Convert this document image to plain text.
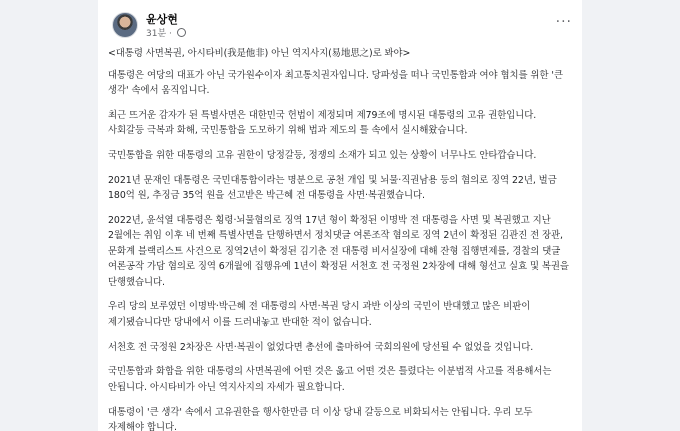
윤상현
31분 ·
···

<대통령 사면복권, 아시타비(我是他非) 아닌 역지사지(易地思之)로 봐야>

대통령은 여당의 대표가 아닌 국가원수이자 최고통치권자입니다. 당파성을 떠나 국민통합과 여야 협치를 위한 '큰 생각' 속에서 움직입니다.

최근 뜨거운 감자가 된 특별사면은 대한민국 헌법이 제정되며 제79조에 명시된 대통령의 고유 권한입니다. 사회갈등 극복과 화해, 국민통합을 도모하기 위해 법과 제도의 틀 속에서 실시해왔습니다.

국민통합을 위한 대통령의 고유 권한이 당정갈등, 정쟁의 소재가 되고 있는 상황이 너무나도 안타깝습니다.

2021년 문재인 대통령은 국민대통합이라는 명분으로 공천 개입 및 뇌물·직권남용 등의 혐의로 징역 22년, 벌금 180억 원, 추징금 35억 원을 선고받은 박근혜 전 대통령을 사면·복권했습니다.

2022년, 윤석열 대통령은 횡령·뇌물혐의로 징역 17년 형이 확정된 이명박 전 대통령을 사면 및 복권했고 지난 2월에는 취임 이후 네 번째 특별사면을 단행하면서 정치댓글 여론조작 혐의로 징역 2년이 확정된 김관진 전 장관, 문화계 블랙리스트 사건으로 징역2년이 확정된 김기춘 전 대통령 비서실장에 대해 잔형 집행면제를, 경찰의 댓글 여론공작 가담 혐의로 징역 6개월에 집행유예 1년이 확정된 서천호 전 국정원 2차장에 대해 형선고 실효 및 복권을 단행했습니다.

우리 당의 보루였던 이명박·박근혜 전 대통령의 사면·복권 당시 과반 이상의 국민이 반대했고 많은 비판이 제기됐습니다만 당내에서 이를 드러내놓고 반대한 적이 없습니다.

서천호 전 국정원 2차장은 사면·복권이 없었다면 총선에 출마하여 국회의원에 당선될 수 없었을 것입니다.

국민통합과 화합을 위한 대통령의 사면복권에 어떤 것은 옳고 어떤 것은 틀렸다는 이분법적 사고를 적용해서는 안됩니다. 아시타비가 아닌 역지사지의 자세가 필요합니다.

대통령이 '큰 생각' 속에서 고유권한을 행사한만큼 더 이상 당내 갈등으로 비화되서는 안됩니다. 우리 모두 자제해야 합니다.
